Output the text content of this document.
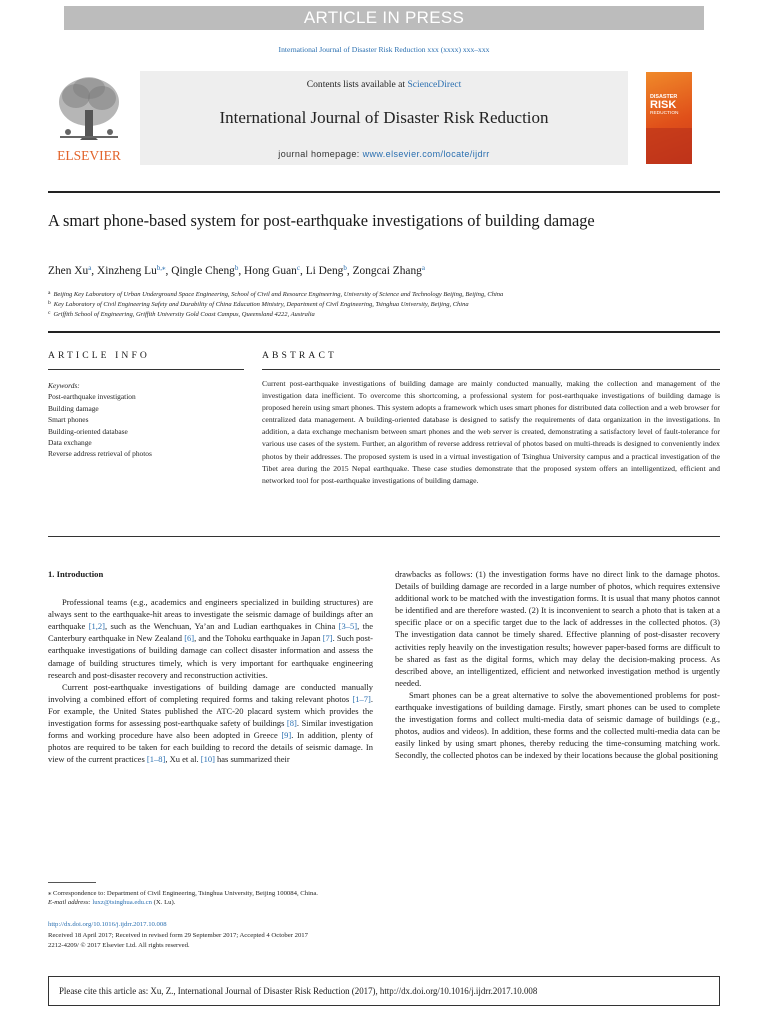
ARTICLE IN PRESS
International Journal of Disaster Risk Reduction xxx (xxxx) xxx–xxx
ELSEVIER
Contents lists available at ScienceDirect
International Journal of Disaster Risk Reduction
journal homepage: www.elsevier.com/locate/ijdrr
DISASTER
RISK
REDUCTION
A smart phone-based system for post-earthquake investigations of building damage
Zhen Xu$^a$, Xinzheng $Lu^{b,⁎}$, Qingle Cheng$^b$, Hong Guan$^c$, Li Deng$^b$, Zongcai Zhang$^a$
$^a$ Beijing Key Laboratory of Urban Underground Space Engineering, School of Civil and Resource Engineering, University of Science and Technology Beijing, Beijing, China
$^b$ Key Laboratory of Civil Engineering Safety and Durability of China Education Ministry, Department of Civil Engineering, Tsinghua University, Beijing, China
$^c$ Griffith School of Engineering, Griffith University Gold Coast Campus, Queensland 4222, Australia
ARTICLE INFO	ABSTRACT
Keywords:
Post-earthquake investigation
Building damage
Smart phones
Building-oriented database
Data exchange
Reverse address retrieval of photos
Current post-earthquake investigations of building damage are mainly conducted manually, making the collection and management of the investigation data inefficient. To overcome this shortcoming, a professional system for post-earthquake investigations of building damage is proposed herein using smart phones. This system adopts a framework which uses smart phones for distributed data collection and a web browser for centralized data management. A building-oriented database is designed to satisfy the requirements of data organization in the investigations. In addition, a data exchange mechanism between smart phones and the web server is created, demonstrating a satisfactory level of fault-tolerance for various use cases of the system. Further, an algorithm of reverse address retrieval of photos based on multi-threads is designed to conveniently index photos by their addresses. The proposed system is used in a virtual investigation of Tsinghua University campus and a practical investigation of the Tibet area during the 2015 Nepal earthquake. These case studies demonstrate that the proposed system offers an intelligentized, efficient and networked tool for post-earthquake investigations of building damage.
1. Introduction

Professional teams (e.g., academics and engineers specialized in building structures) are always sent to the earthquake-hit areas to investigate the seismic damage of buildings after an earthquake [1,2], such as the Wenchuan, Ya’an and Ludian earthquakes in China [3–5], the Canterbury earthquake in New Zealand [6], and the Tohoku earthquake in Japan [7]. Such post-earthquake investigations of building damage can collect disaster information and assess the damage of building structures timely, which is very important for earthquake engineering research and post-disaster recovery and reconstruction activities.

Current post-earthquake investigations of building damage are conducted manually involving a combined effort of completing required forms and taking relevant photos [1–7]. For example, the United States published the ATC-20 placard system which provides the investigation forms for assessing post-earthquake safety of buildings [8]. Similar investigation forms and working procedure have also been adopted in Greece [9]. In addition, plenty of photos are required to be taken for each building to record the details of seismic damage. In view of the current practices [1–8], Xu et al. [10] has summarized their

drawbacks as follows: (1) the investigation forms have no direct link to the damage photos. Details of building damage are recorded in a large number of photos, which requires extensive additional work to be matched with the investigation forms. It is usual that many photos cannot be identified and are therefore wasted. (2) It is inconvenient to search a photo that is taken at a specific place or on a specific target due to the lack of addresses in the collected photos. (3) The investigation data cannot be timely shared. Effective planning of post-disaster recovery activities reply heavily on the investigation results; however paper-based forms are difficult to be shared as fast as the digital forms, which may delay the decision-making process. As described above, an intelligentized, efficient and networked investigation method is urgently needed.

Smart phones can be a great alternative to solve the abovementioned problems for post-earthquake investigations of building damage. Firstly, smart phones can be used to complete the investigation forms and collect multi-media data of seismic damage of buildings (e.g., photos, audios and videos). In addition, these forms and the collected multi-media data can be easily linked by using smart phones, thereby reducing the time-consuming matching work. Secondly, the collected photos can be indexed by their locations because the global positioning

⁎ Correspondence to: Department of Civil Engineering, Tsinghua University, Beijing 100084, China.
E-mail address: luxz@tsinghua.edu.cn (X. Lu).
http://dx.doi.org/10.1016/j.ijdrr.2017.10.008
Received 18 April 2017; Received in revised form 29 September 2017; Accepted 4 October 2017
2212-4209/ © 2017 Elsevier Ltd. All rights reserved.
Please cite this article as: Xu, Z., International Journal of Disaster Risk Reduction (2017), http://dx.doi.org/10.1016/j.ijdrr.2017.10.008
